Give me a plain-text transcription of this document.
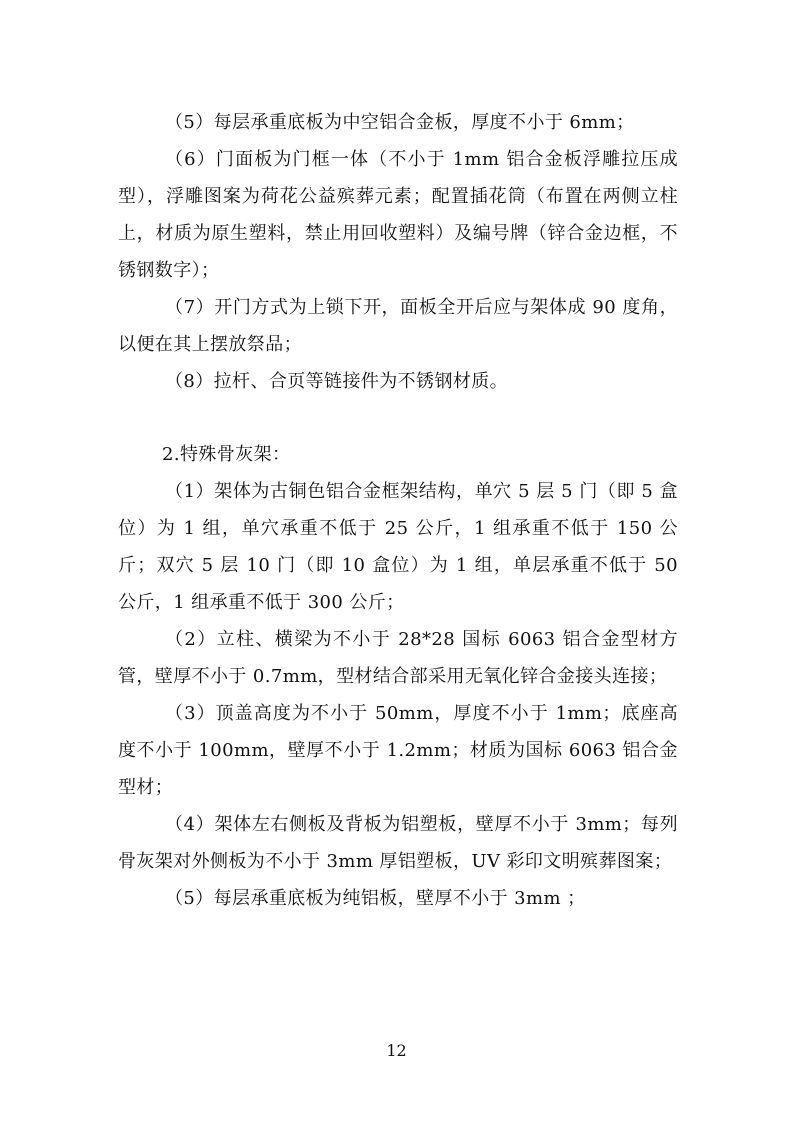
（5）每层承重底板为中空铝合金板，厚度不小于 6mm；

（6）门面板为门框一体（不小于 1mm 铝合金板浮雕拉压成型），浮雕图案为荷花公益殡葬元素；配置插花筒（布置在两侧立柱上，材质为原生塑料，禁止用回收塑料）及编号牌（锌合金边框，不锈钢数字）；

（7）开门方式为上锁下开，面板全开后应与架体成 90 度角，以便在其上摆放祭品；

（8）拉杆、合页等链接件为不锈钢材质。

2.特殊骨灰架：

（1）架体为古铜色铝合金框架结构，单穴 5 层 5 门（即 5 盒位）为 1 组，单穴承重不低于 25 公斤，1 组承重不低于 150 公斤；双穴 5 层 10 门（即 10 盒位）为 1 组，单层承重不低于 50 公斤，1 组承重不低于 300 公斤；

（2）立柱、横梁为不小于 28*28 国标 6063 铝合金型材方管，壁厚不小于 0.7mm，型材结合部采用无氧化锌合金接头连接；

（3）顶盖高度为不小于 50mm，厚度不小于 1mm；底座高度不小于 100mm，壁厚不小于 1.2mm；材质为国标 6063 铝合金型材；

（4）架体左右侧板及背板为铝塑板，壁厚不小于 3mm；每列骨灰架对外侧板为不小于 3mm 厚铝塑板，UV 彩印文明殡葬图案；

（5）每层承重底板为纯铝板，壁厚不小于 3mm ；

12
